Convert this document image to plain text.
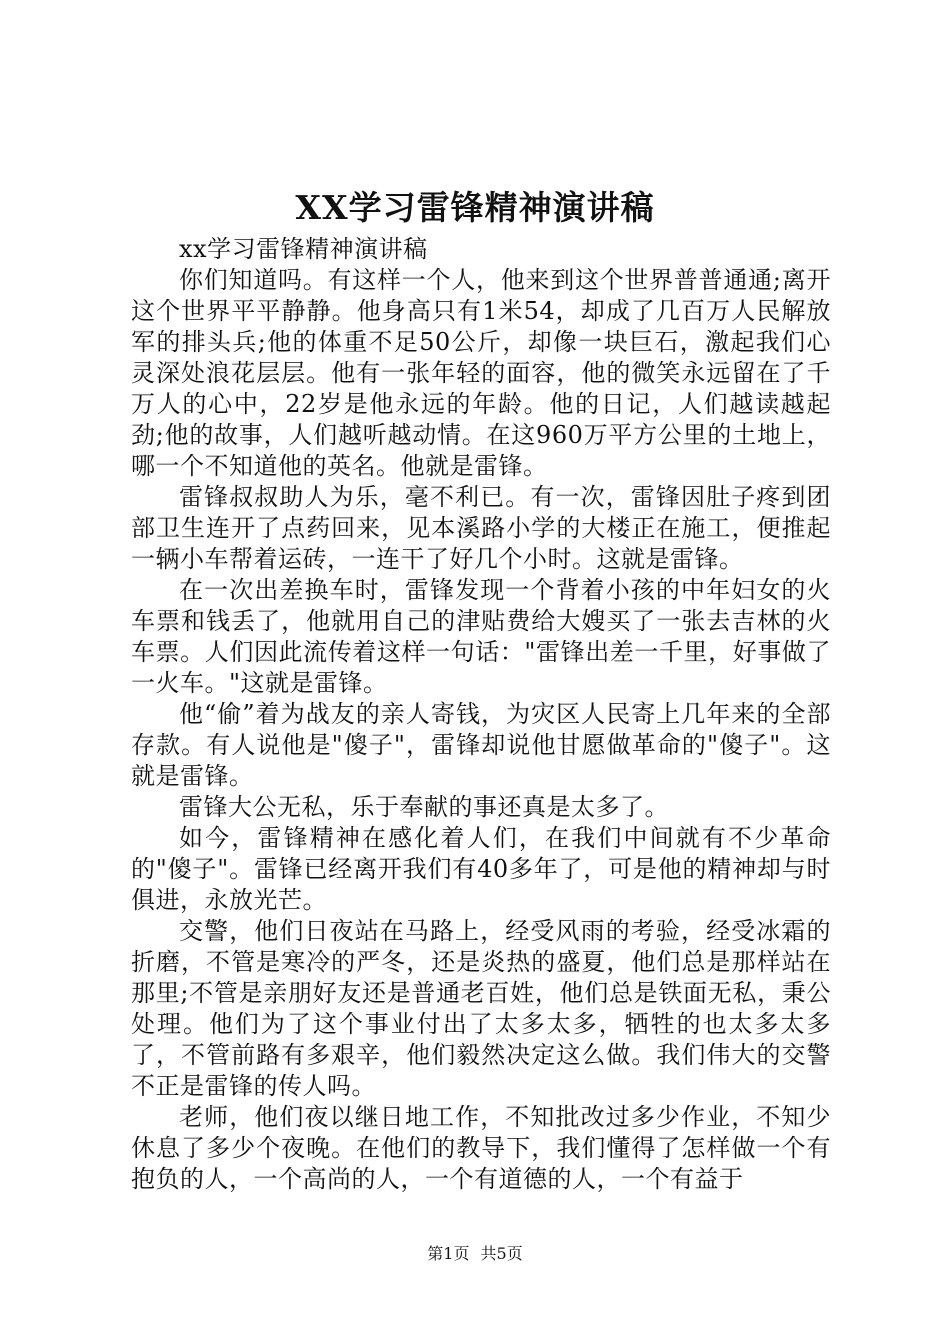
XX学习雷锋精神演讲稿

xx学习雷锋精神演讲稿

你们知道吗。有这样一个人，他来到这个世界普普通通;离开这个世界平平静静。他身高只有1米54，却成了几百万人民解放军的排头兵;他的体重不足50公斤，却像一块巨石，激起我们心灵深处浪花层层。他有一张年轻的面容，他的微笑永远留在了千万人的心中，22岁是他永远的年龄。他的日记，人们越读越起劲;他的故事，人们越听越动情。在这960万平方公里的土地上，哪一个不知道他的英名。他就是雷锋。

雷锋叔叔助人为乐，毫不利已。有一次，雷锋因肚子疼到团部卫生连开了点药回来，见本溪路小学的大楼正在施工，便推起一辆小车帮着运砖，一连干了好几个小时。这就是雷锋。

在一次出差换车时，雷锋发现一个背着小孩的中年妇女的火车票和钱丢了，他就用自己的津贴费给大嫂买了一张去吉林的火车票。人们因此流传着这样一句话："雷锋出差一千里，好事做了一火车。"这就是雷锋。

他“偷”着为战友的亲人寄钱，为灾区人民寄上几年来的全部存款。有人说他是"傻子"，雷锋却说他甘愿做革命的"傻子"。这就是雷锋。

雷锋大公无私，乐于奉献的事还真是太多了。

如今，雷锋精神在感化着人们，在我们中间就有不少革命的"傻子"。雷锋已经离开我们有40多年了，可是他的精神却与时俱进，永放光芒。

交警，他们日夜站在马路上，经受风雨的考验，经受冰霜的折磨，不管是寒冷的严冬，还是炎热的盛夏，他们总是那样站在那里;不管是亲朋好友还是普通老百姓，他们总是铁面无私，秉公处理。他们为了这个事业付出了太多太多，牺牲的也太多太多了，不管前路有多艰辛，他们毅然决定这么做。我们伟大的交警不正是雷锋的传人吗。

老师，他们夜以继日地工作，不知批改过多少作业，不知少休息了多少个夜晚。在他们的教导下，我们懂得了怎样做一个有抱负的人，一个高尚的人，一个有道德的人，一个有益于

第1页 共5页
